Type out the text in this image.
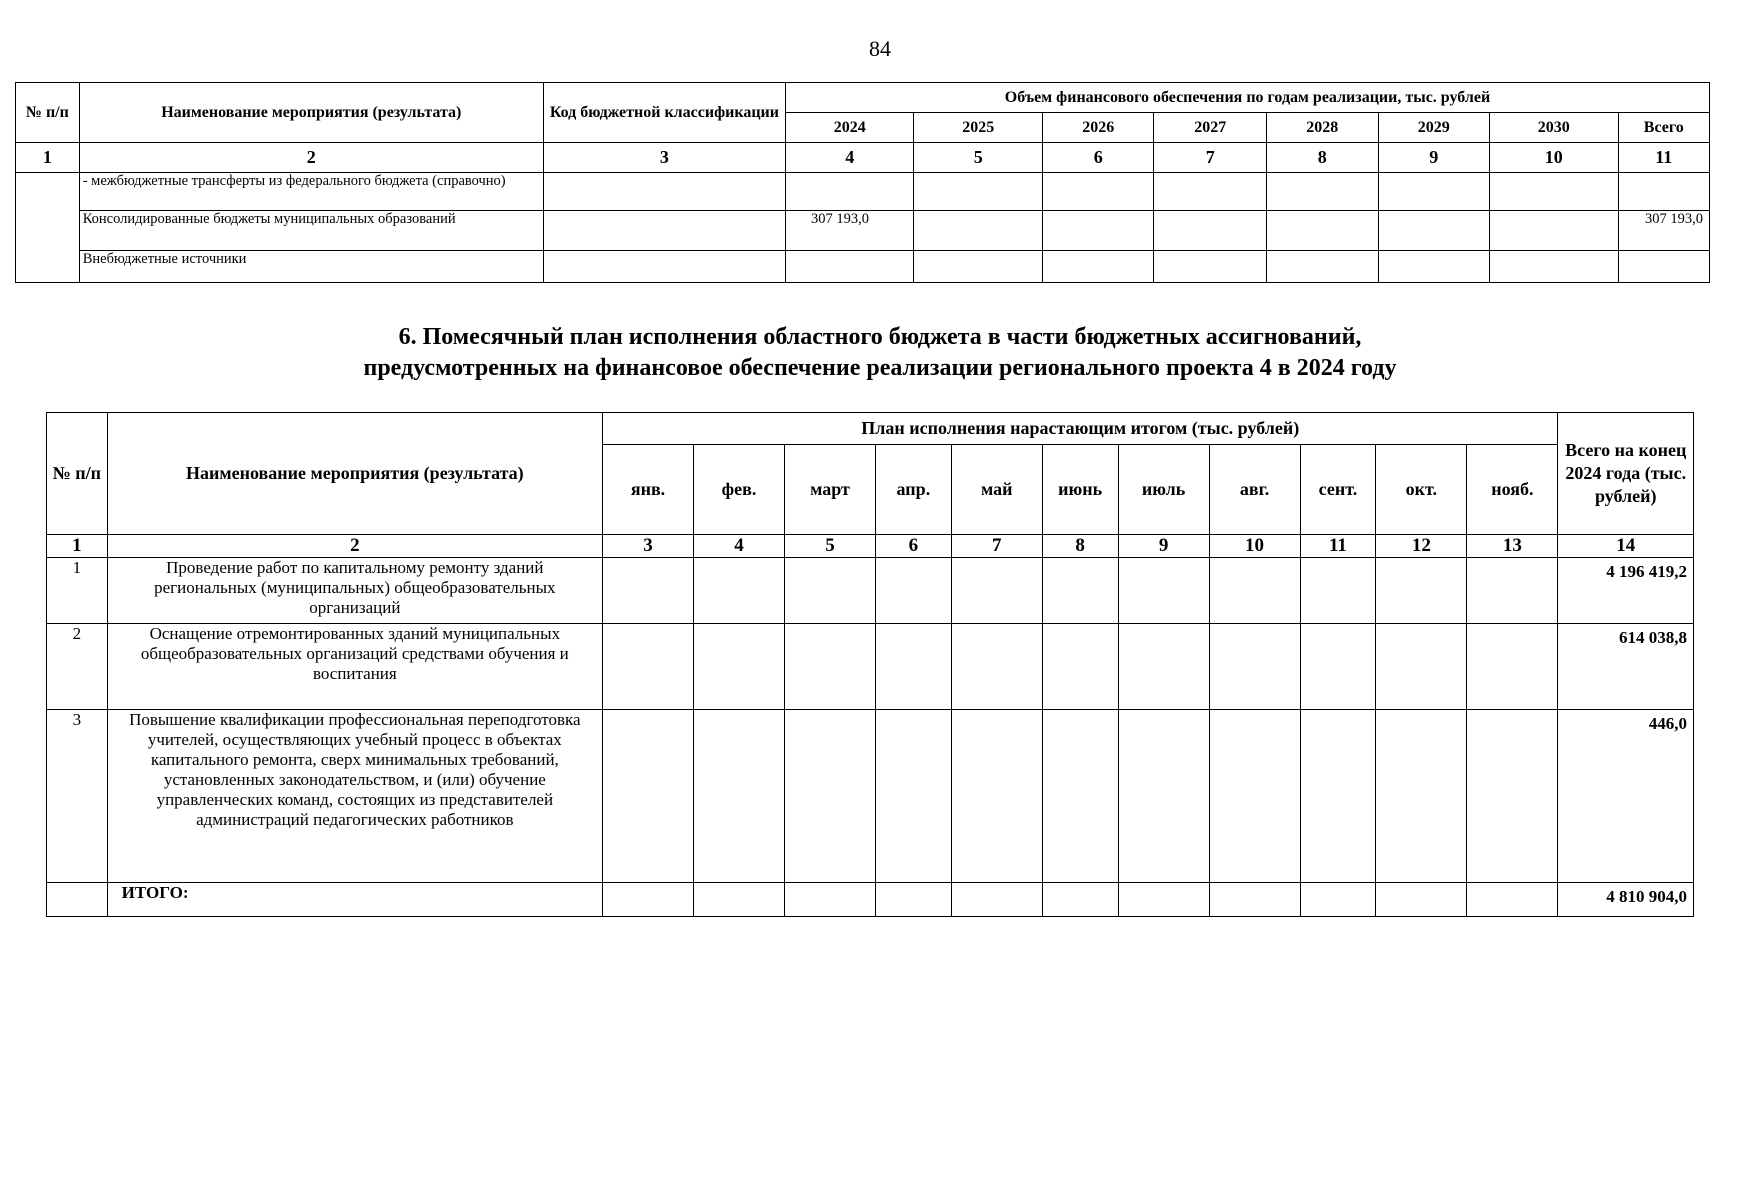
84
№ п/п	Наименование мероприятия (результата)	Код бюджетной классификации	Объем финансового обеспечения по годам реализации, тыс. рублей							
			2024	2025	2026	2027	2028	2029	2030	Всего
1	2	3	4	5	6	7	8	9	10	11
	- межбюджетные трансферты из федерального бюджета (справочно)									
	Консолидированные бюджеты муниципальных образований		307 193,0							307 193,0
	Внебюджетные источники									
6. Помесячный план исполнения областного бюджета в части бюджетных ассигнований,
предусмотренных на финансовое обеспечение реализации регионального проекта 4 в 2024 году
№ п/п	Наименование мероприятия (результата)	План исполнения нарастающим итогом (тыс. рублей)											Всего на конец 2024 года (тыс. рублей)
		янв.	фев.	март	апр.	май	июнь	июль	авг.	сент.	окт.	нояб.	
1	2	3	4	5	6	7	8	9	10	11	12	13	14
1	Проведение работ по капитальному ремонту зданий региональных (муниципальных) общеобразовательных организаций												4 196 419,2
2	Оснащение отремонтированных зданий муниципальных общеобразовательных организаций средствами обучения и воспитания												614 038,8
3	Повышение квалификации профессиональная переподготовка учителей, осуществляющих учебный процесс в объектах капитального ремонта, сверх минимальных требований, установленных законодательством, и (или) обучение управленческих команд, состоящих из представителей администраций педагогических работников												446,0
	ИТОГО:												4 810 904,0
